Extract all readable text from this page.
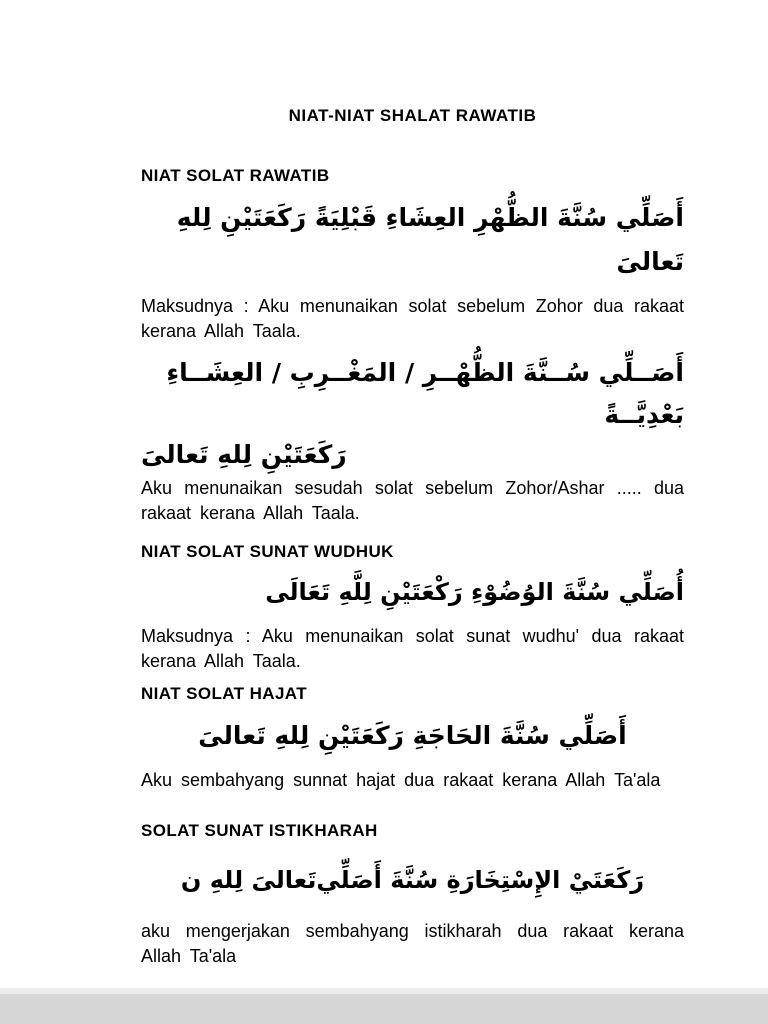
NIAT-NIAT SHALAT RAWATIB
NIAT SOLAT RAWATIB

أَصَلِّي سُنَّةَ الظُّهْرِ العِشَاءِ قَبْلِيَةً رَكَعَتَيْنِ لِلهِ تَعالىَ

Maksudnya : Aku menunaikan solat sebelum Zohor dua rakaat kerana Allah Taala.

أَصَــلِّي سُــنَّةَ الظُّهْــرِ / المَغْــرِبِ / العِشَــاءِ بَعْدِيَّــةً

رَكَعَتَيْنِ لِلهِ تَعالىَ

Aku menunaikan sesudah solat sebelum Zohor/Ashar ..... dua rakaat kerana Allah Taala.

NIAT SOLAT SUNAT WUDHUK

أُصَلِّي سُنَّةَ الوُضُوْءِ رَكْعَتَيْنِ لِلَّهِ تَعَالَى

Maksudnya : Aku menunaikan solat sunat wudhu' dua rakaat kerana Allah Taala.

NIAT SOLAT HAJAT

أَصَلِّي سُنَّةَ الحَاجَةِ رَكَعَتَيْنِ لِلهِ تَعالىَ

Aku sembahyang sunnat hajat dua rakaat kerana Allah Ta'ala

SOLAT SUNAT ISTIKHARAH

ن لِلهِ تَعالىَأَصَلِّي سُنَّةَ الإِسْتِخَارَةِ رَكَعَتَيْ

aku mengerjakan sembahyang istikharah dua rakaat kerana Allah Ta'ala
